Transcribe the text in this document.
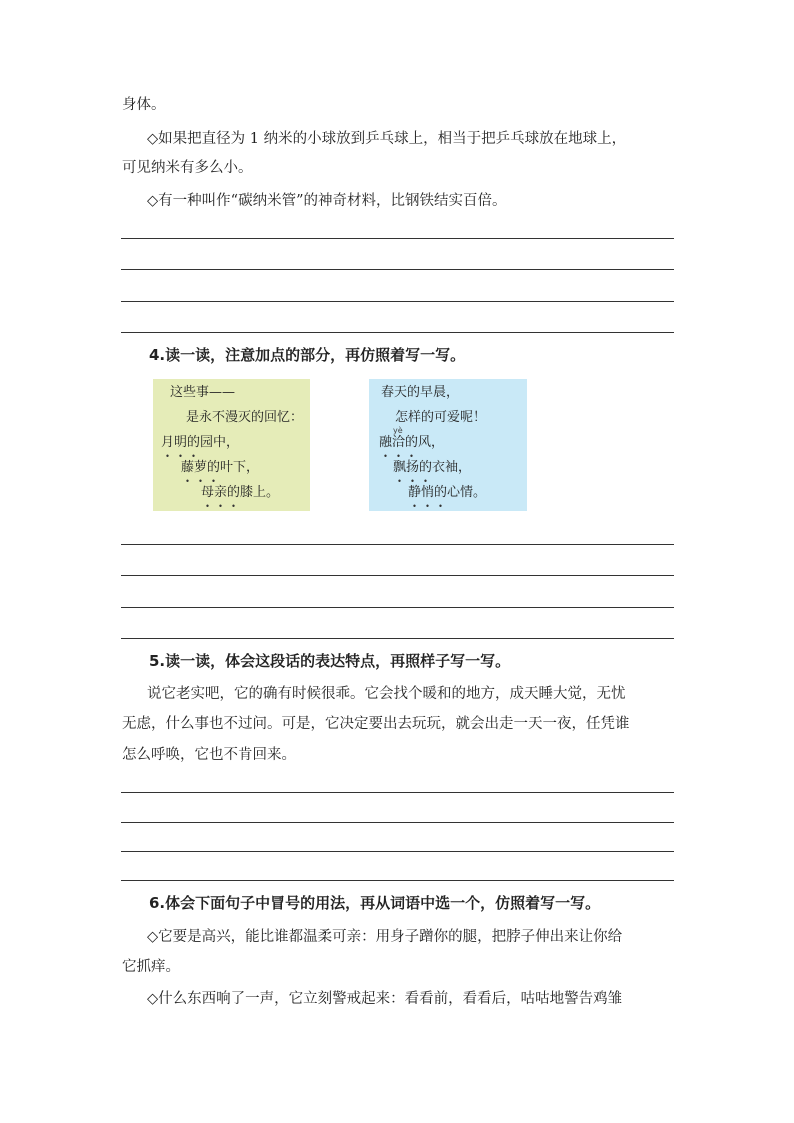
身体。
◇如果把直径为 1 纳米的小球放到乒乓球上，相当于把乒乓球放在地球上，
可见纳米有多么小。
◇有一种叫作“碳纳米管”的神奇材料，比钢铁结实百倍。
4.读一读，注意加点的部分，再仿照着写一写。
这些事——
是永不漫灭的回忆：
月明的园中，
藤萝的叶下，
母亲的膝上。
春天的早晨，
怎样的可爱呢！
yè
融洽的风，
飘扬的衣袖，
静悄的心情。
5.读一读，体会这段话的表达特点，再照样子写一写。
说它老实吧，它的确有时候很乖。它会找个暖和的地方，成天睡大觉，无忧
无虑，什么事也不过问。可是，它决定要出去玩玩，就会出走一天一夜，任凭谁
怎么呼唤，它也不肯回来。
6.体会下面句子中冒号的用法，再从词语中选一个，仿照着写一写。
◇它要是高兴，能比谁都温柔可亲：用身子蹭你的腿，把脖子伸出来让你给
它抓痒。
◇什么东西响了一声，它立刻警戒起来：看看前，看看后，咕咕地警告鸡雏
